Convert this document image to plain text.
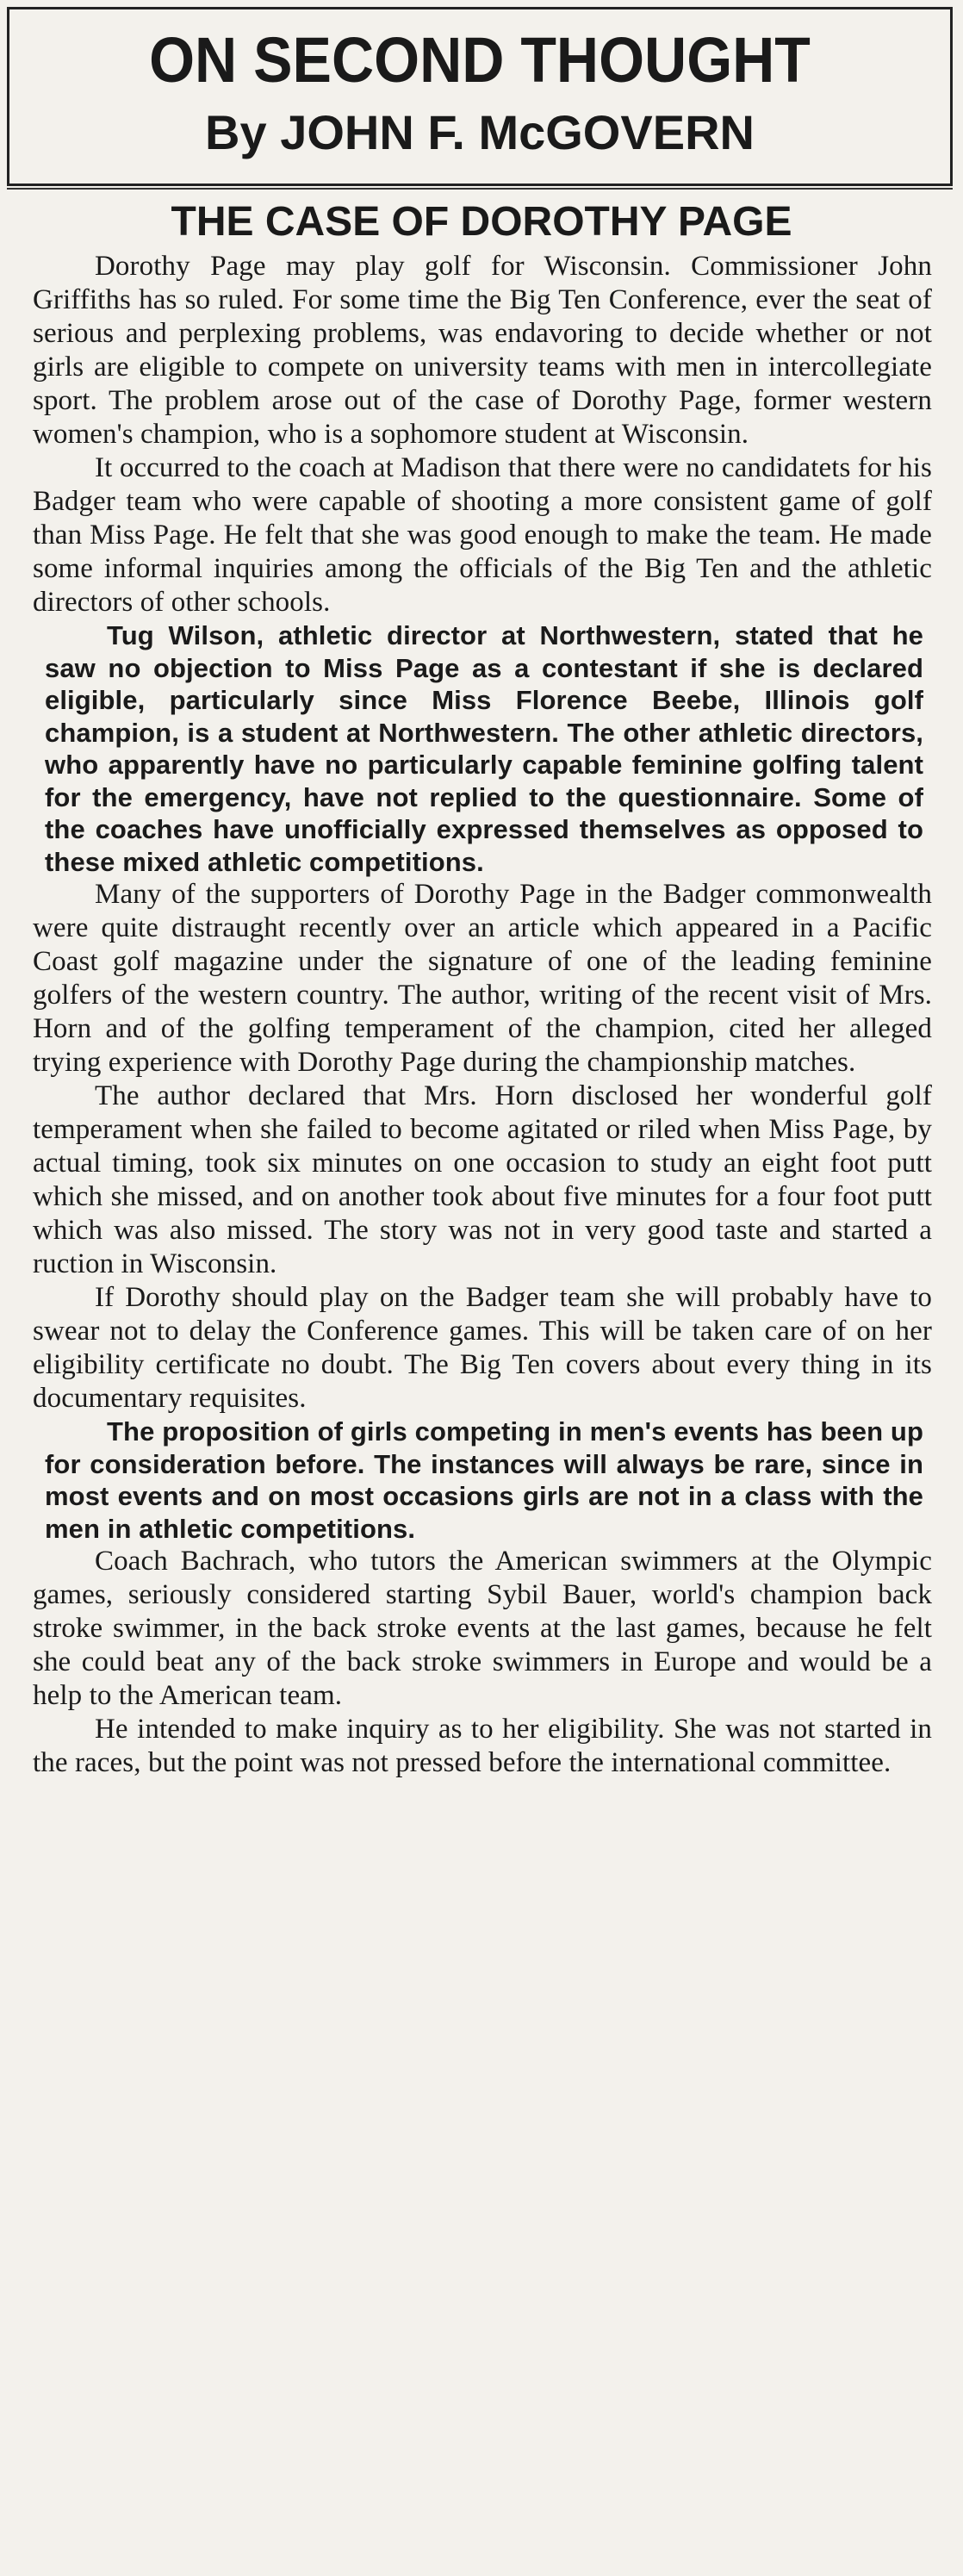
ON SECOND THOUGHT
By JOHN F. McGOVERN
THE CASE OF DOROTHY PAGE

Dorothy Page may play golf for Wisconsin. Commissioner John Griffiths has so ruled. For some time the Big Ten Conference, ever the seat of serious and perplexing problems, was endavoring to decide whether or not girls are eligible to compete on university teams with men in intercollegiate sport. The problem arose out of the case of Dorothy Page, former western women's champion, who is a sophomore student at Wisconsin.

It occurred to the coach at Madison that there were no candidatets for his Badger team who were capable of shooting a more consistent game of golf than Miss Page. He felt that she was good enough to make the team. He made some informal inquiries among the officials of the Big Ten and the athletic directors of other schools.

Tug Wilson, athletic director at Northwestern, stated that he saw no objection to Miss Page as a contestant if she is declared eligible, particularly since Miss Florence Beebe, Illinois golf champion, is a student at Northwestern. The other athletic directors, who apparently have no particularly capable feminine golfing talent for the emergency, have not replied to the questionnaire. Some of the coaches have unofficially expressed themselves as opposed to these mixed athletic competitions.

Many of the supporters of Dorothy Page in the Badger commonwealth were quite distraught recently over an article which appeared in a Pacific Coast golf magazine under the signature of one of the leading feminine golfers of the western country. The author, writing of the recent visit of Mrs. Horn and of the golfing temperament of the champion, cited her alleged trying experience with Dorothy Page during the championship matches.

The author declared that Mrs. Horn disclosed her wonderful golf temperament when she failed to become agitated or riled when Miss Page, by actual timing, took six minutes on one occasion to study an eight foot putt which she missed, and on another took about five minutes for a four foot putt which was also missed. The story was not in very good taste and started a ruction in Wisconsin.

If Dorothy should play on the Badger team she will probably have to swear not to delay the Conference games. This will be taken care of on her eligibility certificate no doubt. The Big Ten covers about every thing in its documentary requisites.

The proposition of girls competing in men's events has been up for consideration before. The instances will always be rare, since in most events and on most occasions girls are not in a class with the men in athletic competitions.

Coach Bachrach, who tutors the American swimmers at the Olympic games, seriously considered starting Sybil Bauer, world's champion back stroke swimmer, in the back stroke events at the last games, because he felt she could beat any of the back stroke swimmers in Europe and would be a help to the American team.

He intended to make inquiry as to her eligibility. She was not started in the races, but the point was not pressed before the international committee.
